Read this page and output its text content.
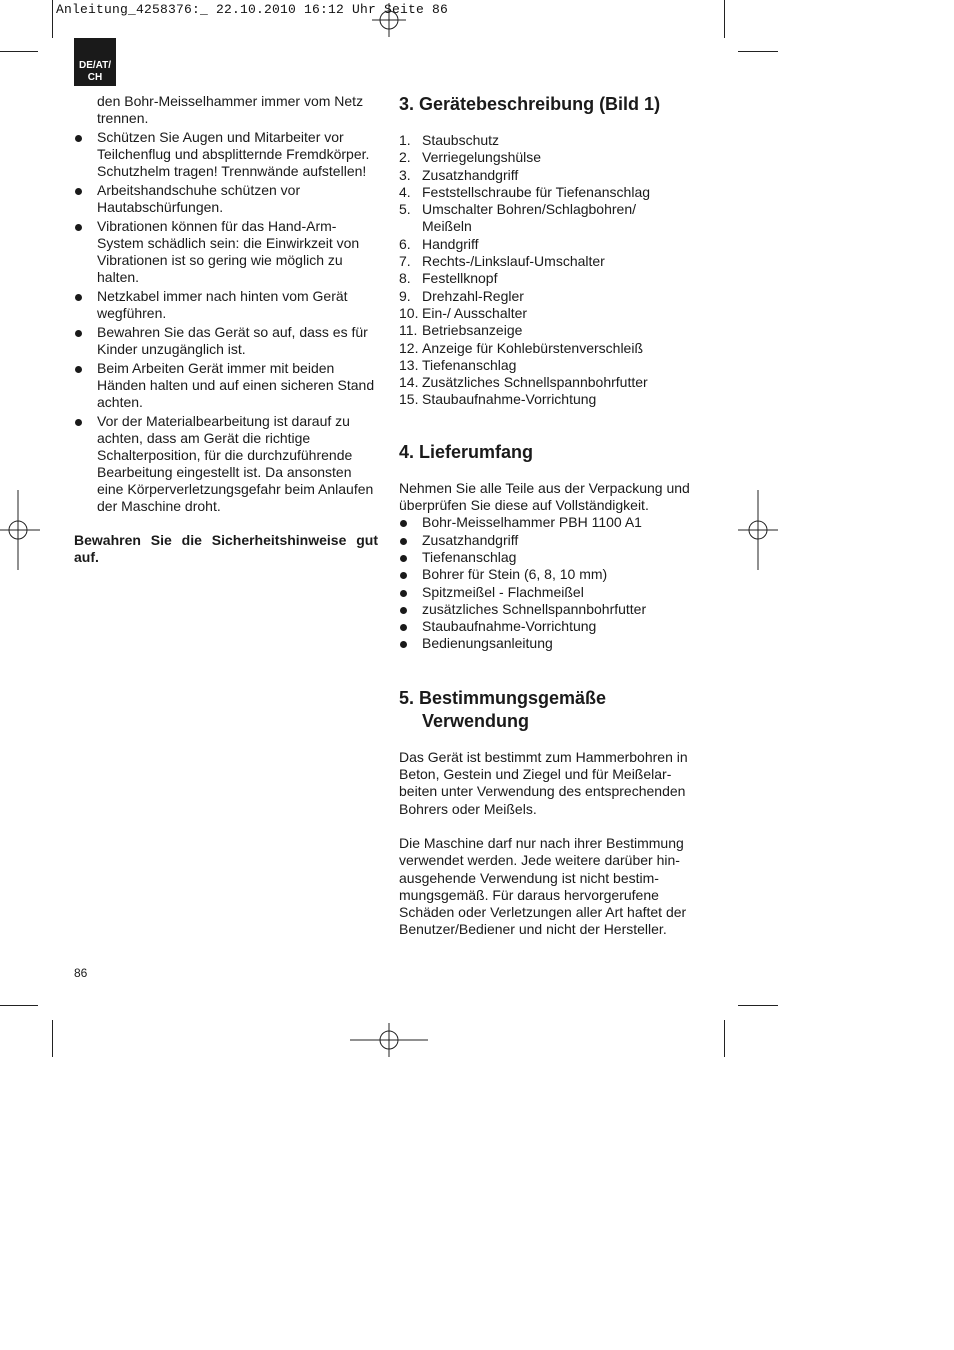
Anleitung_4258376:_ 22.10.2010 16:12 Uhr Seite 86
DE/AT/
CH
den Bohr-Meisselhammer immer vom Netz trennen.
Schützen Sie Augen und Mitarbeiter vor Teilchenflug und absplitternde Fremdkörper. Schutzhelm tragen! Trennwände aufstellen!
Arbeitshandschuhe schützen vor Hautabschürfungen.
Vibrationen können für das Hand-Arm-System schädlich sein: die Einwirkzeit von Vibrationen ist so gering wie möglich zu halten.
Netzkabel immer nach hinten vom Gerät wegführen.
Bewahren Sie das Gerät so auf, dass es für Kinder unzugänglich ist.
Beim Arbeiten Gerät immer mit beiden Händen halten und auf einen sicheren Stand achten.
Vor der Materialbearbeitung ist darauf zu achten, dass am Gerät die richtige Schalterposition, für die durchzuführende Bearbeitung eingestellt ist. Da ansonsten eine Körperverletzungsgefahr beim Anlaufen der Maschine droht.
Bewahren Sie die Sicherheitshinweise gut auf.
3. Gerätebeschreibung (Bild 1)
1. Staubschutz
2. Verriegelungshülse
3. Zusatzhandgriff
4. Feststellschraube für Tiefenanschlag
5. Umschalter Bohren/Schlagbohren/ Meißeln
6. Handgriff
7. Rechts-/Linkslauf-Umschalter
8. Festellknopf
9. Drehzahl-Regler
10. Ein-/ Ausschalter
11. Betriebsanzeige
12. Anzeige für Kohlebürstenverschleiß
13. Tiefenanschlag
14. Zusätzliches Schnellspannbohrfutter
15. Staubaufnahme-Vorrichtung
4. Lieferumfang
Nehmen Sie alle Teile aus der Verpackung und überprüfen Sie diese auf Vollständigkeit.
Bohr-Meisselhammer PBH 1100 A1
Zusatzhandgriff
Tiefenanschlag
Bohrer für Stein (6, 8, 10 mm)
Spitzmeißel - Flachmeißel
zusätzliches Schnellspannbohrfutter
Staubaufnahme-Vorrichtung
Bedienungsanleitung
5. Bestimmungsgemäße
Verwendung
Das Gerät ist bestimmt zum Hammerbohren in Beton, Gestein und Ziegel und für Meißelar- beiten unter Verwendung des entsprechenden Bohrers oder Meißels.
Die Maschine darf nur nach ihrer Bestimmung verwendet werden. Jede weitere darüber hin- ausgehende Verwendung ist nicht bestim- mungsgemäß. Für daraus hervorgerufene Schäden oder Verletzungen aller Art haftet der Benutzer/Bediener und nicht der Hersteller.
86
